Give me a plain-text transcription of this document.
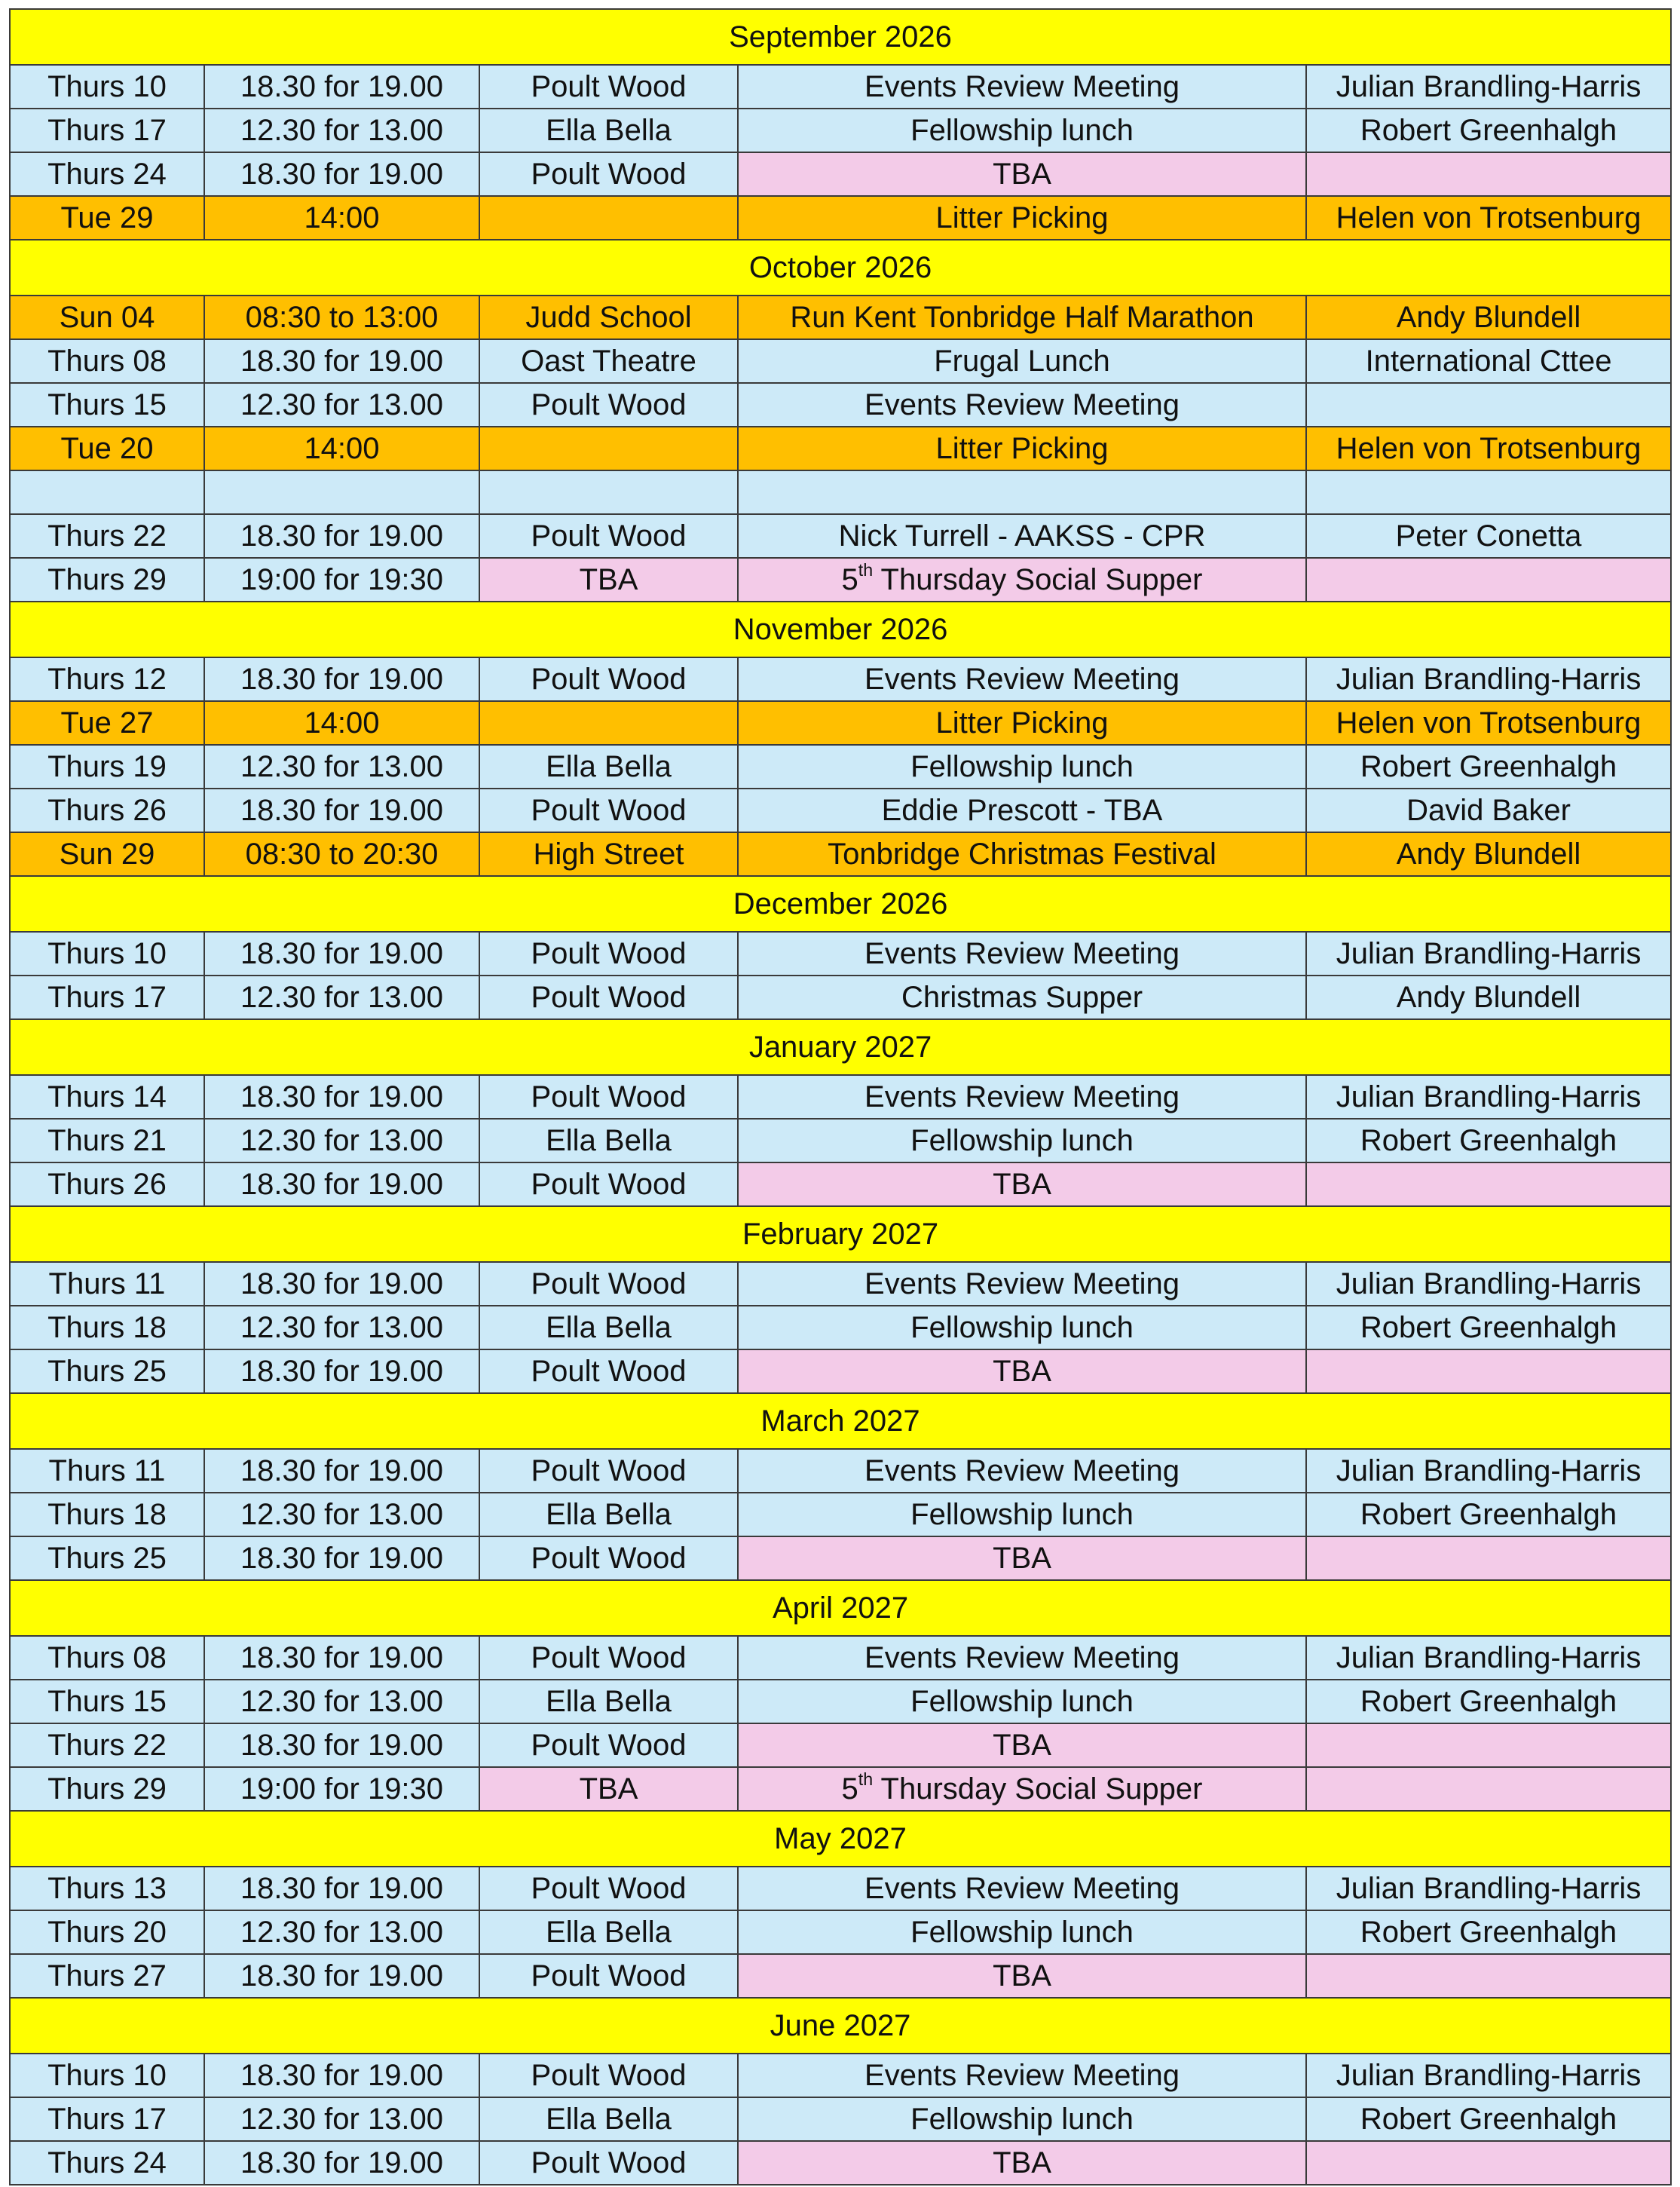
September 2026				
Thurs 10	18.30 for 19.00	Poult Wood	Events Review Meeting	Julian Brandling-Harris
Thurs 17	12.30 for 13.00	Ella Bella	Fellowship lunch	Robert Greenhalgh
Thurs 24	18.30 for 19.00	Poult Wood	TBA	
Tue 29	14:00		Litter Picking	Helen von Trotsenburg
October 2026				
Sun 04	08:30 to 13:00	Judd School	Run Kent Tonbridge Half Marathon	Andy Blundell
Thurs 08	18.30 for 19.00	Oast Theatre	Frugal Lunch	International Cttee
Thurs 15	12.30 for 13.00	Poult Wood	Events Review Meeting	
Tue 20	14:00		Litter Picking	Helen von Trotsenburg

Thurs 22	18.30 for 19.00	Poult Wood	Nick Turrell - AAKSS - CPR	Peter Conetta
Thurs 29	19:00 for 19:30	TBA	5th Thursday Social Supper	
November 2026				
Thurs 12	18.30 for 19.00	Poult Wood	Events Review Meeting	Julian Brandling-Harris
Tue 27	14:00		Litter Picking	Helen von Trotsenburg
Thurs 19	12.30 for 13.00	Ella Bella	Fellowship lunch	Robert Greenhalgh
Thurs 26	18.30 for 19.00	Poult Wood	Eddie Prescott - TBA	David Baker
Sun 29	08:30 to 20:30	High Street	Tonbridge Christmas Festival	Andy Blundell
December 2026				
Thurs 10	18.30 for 19.00	Poult Wood	Events Review Meeting	Julian Brandling-Harris
Thurs 17	12.30 for 13.00	Poult Wood	Christmas Supper	Andy Blundell
January 2027				
Thurs 14	18.30 for 19.00	Poult Wood	Events Review Meeting	Julian Brandling-Harris
Thurs 21	12.30 for 13.00	Ella Bella	Fellowship lunch	Robert Greenhalgh
Thurs 26	18.30 for 19.00	Poult Wood	TBA	
February 2027				
Thurs 11	18.30 for 19.00	Poult Wood	Events Review Meeting	Julian Brandling-Harris
Thurs 18	12.30 for 13.00	Ella Bella	Fellowship lunch	Robert Greenhalgh
Thurs 25	18.30 for 19.00	Poult Wood	TBA	
March 2027				
Thurs 11	18.30 for 19.00	Poult Wood	Events Review Meeting	Julian Brandling-Harris
Thurs 18	12.30 for 13.00	Ella Bella	Fellowship lunch	Robert Greenhalgh
Thurs 25	18.30 for 19.00	Poult Wood	TBA	
April 2027				
Thurs 08	18.30 for 19.00	Poult Wood	Events Review Meeting	Julian Brandling-Harris
Thurs 15	12.30 for 13.00	Ella Bella	Fellowship lunch	Robert Greenhalgh
Thurs 22	18.30 for 19.00	Poult Wood	TBA	
Thurs 29	19:00 for 19:30	TBA	5th Thursday Social Supper	
May 2027				
Thurs 13	18.30 for 19.00	Poult Wood	Events Review Meeting	Julian Brandling-Harris
Thurs 20	12.30 for 13.00	Ella Bella	Fellowship lunch	Robert Greenhalgh
Thurs 27	18.30 for 19.00	Poult Wood	TBA	
June 2027				
Thurs 10	18.30 for 19.00	Poult Wood	Events Review Meeting	Julian Brandling-Harris
Thurs 17	12.30 for 13.00	Ella Bella	Fellowship lunch	Robert Greenhalgh
Thurs 24	18.30 for 19.00	Poult Wood	TBA	
